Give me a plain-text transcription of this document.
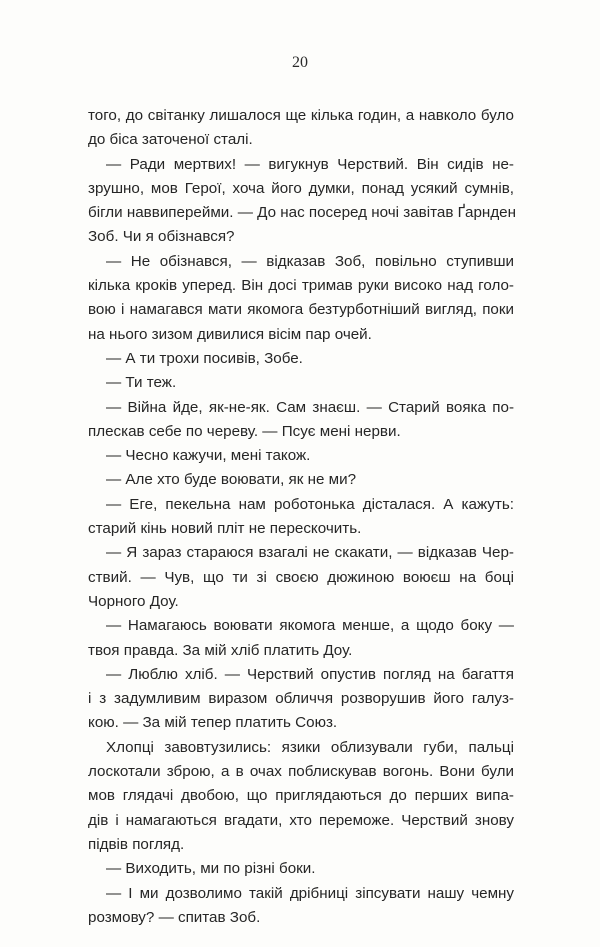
20
того, до світанку лишалося ще кілька годин, а навколо було
до біса заточеної сталі.
— Ради мертвих! — вигукнув Черствий. Він сидів не-
зрушно, мов Герої, хоча його думки, понад усякий сумнів,
бігли наввиперейми. — До нас посеред ночі завітав Ґарнден
Зоб. Чи я обізнався?
— Не обізнався, — відказав Зоб, повільно ступивши
кілька кроків уперед. Він досі тримав руки високо над голо-
вою і намагався мати якомога безтурботніший вигляд, поки
на нього зизом дивилися вісім пар очей.
— А ти трохи посивів, Зобе.
— Ти теж.
— Війна йде, як-не-як. Сам знаєш. — Старий вояка по-
плескав себе по череву. — Псує мені нерви.
— Чесно кажучи, мені також.
— Але хто буде воювати, як не ми?
— Еге, пекельна нам роботонька дісталася. А кажуть:
старий кінь новий пліт не перескочить.
— Я зараз стараюся взагалі не скакати, — відказав Чер-
ствий. — Чув, що ти зі своєю дюжиною воюєш на боці
Чорного Доу.
— Намагаюсь воювати якомога менше, а щодо боку —
твоя правда. За мій хліб платить Доу.
— Люблю хліб. — Черствий опустив погляд на багаття
і з задумливим виразом обличчя розворушив його галуз-
кою. — За мій тепер платить Союз.
Хлопці завовтузились: язики облизували губи, пальці
лоскотали зброю, а в очах поблискував вогонь. Вони були
мов глядачі двобою, що приглядаються до перших випа-
дів і намагаються вгадати, хто переможе. Черствий знову
підвів погляд.
— Виходить, ми по різні боки.
— І ми дозволимо такій дрібниці зіпсувати нашу чемну
розмову? — спитав Зоб.
